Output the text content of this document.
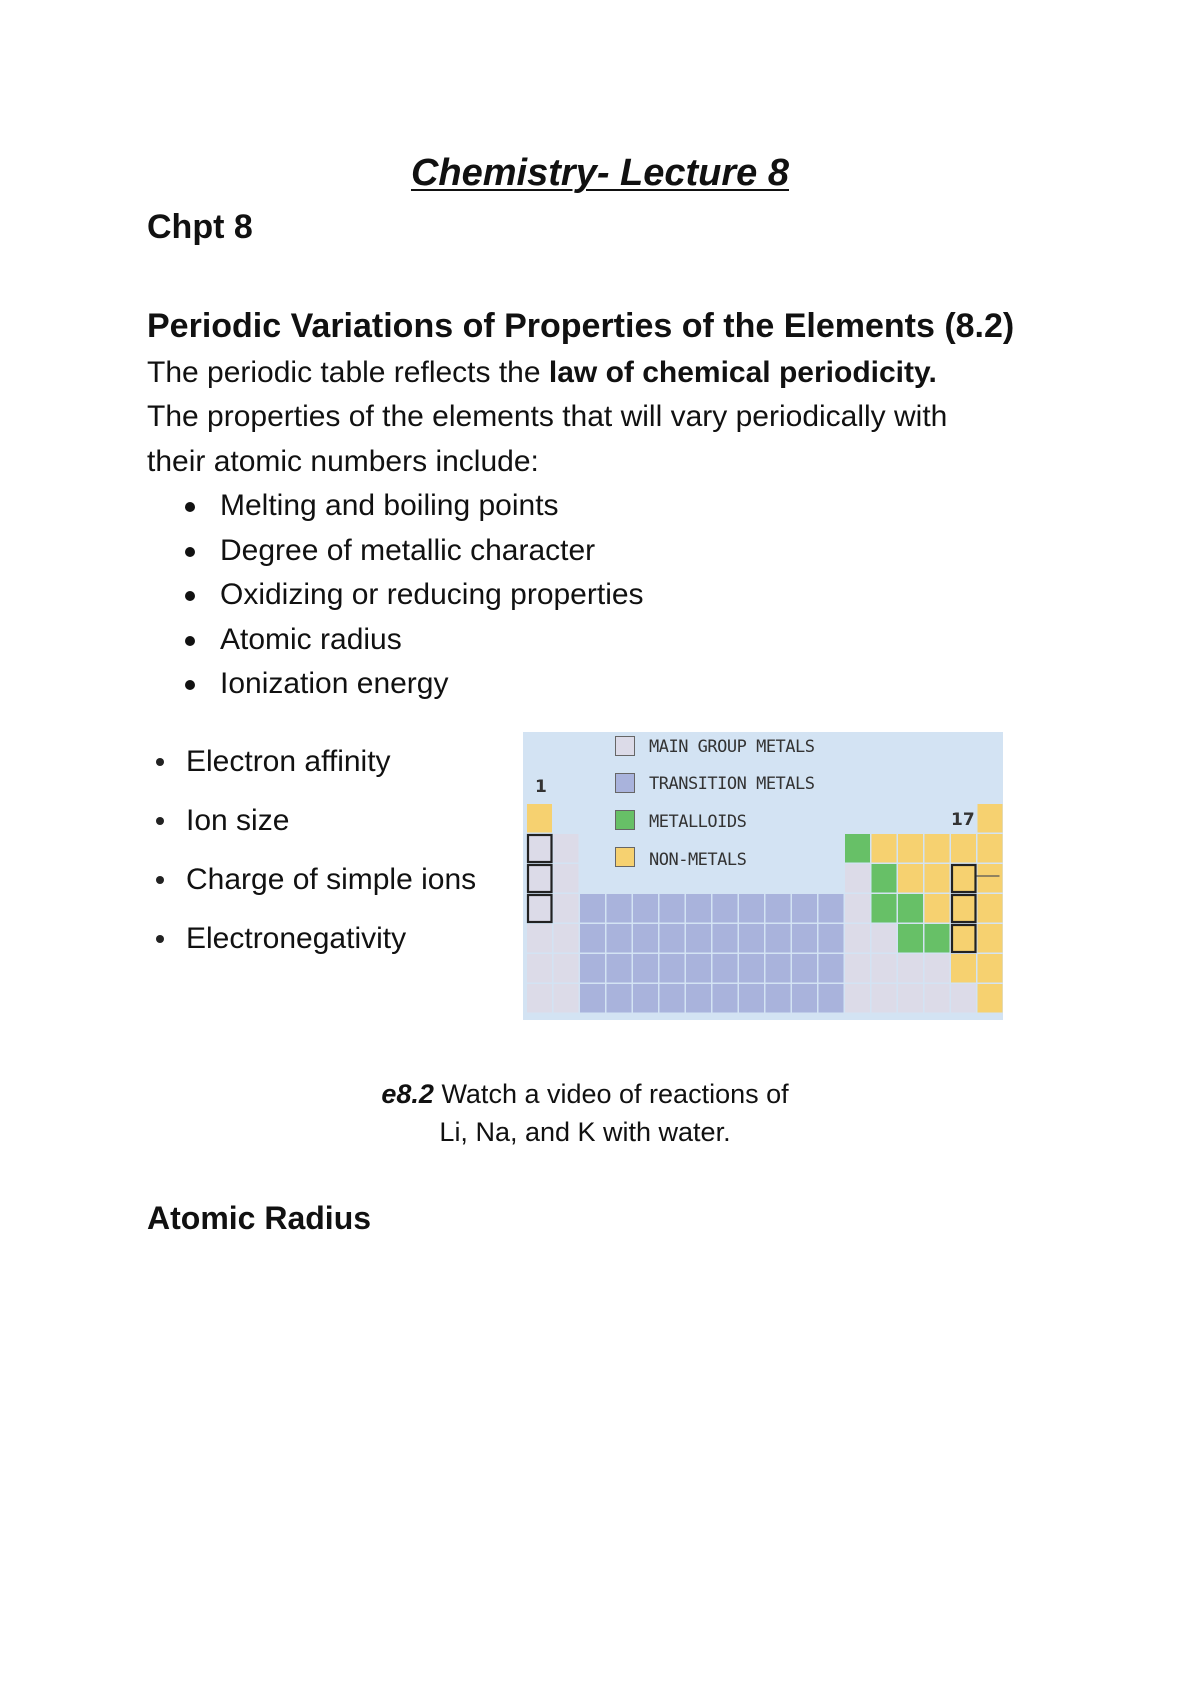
Chemistry- Lecture 8
Chpt 8
Periodic Variations of Properties of the Elements (8.2)
The periodic table reflects the law of chemical periodicity.
The properties of the elements that will vary periodically with
their atomic numbers include:
Melting and boiling points
Degree of metallic character
Oxidizing or reducing properties
Atomic radius
Ionization energy
Electron affinity
Ion size
Charge of simple ions
Electronegativity
1
17
MAIN GROUP METALS
TRANSITION METALS
METALLOIDS
NON-METALS
e8.2 Watch a video of reactions of
Li, Na, and K with water.
Atomic Radius
